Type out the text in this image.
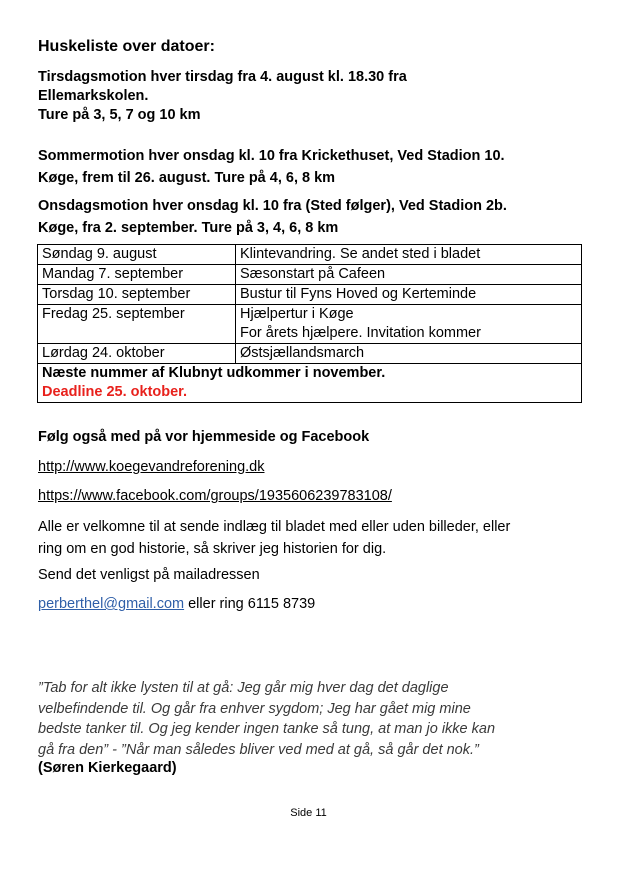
Huskeliste over datoer:
Tirsdagsmotion hver tirsdag fra 4. august kl. 18.30 fra
Ellemarkskolen.
Ture på 3, 5, 7 og 10 km
Sommermotion hver onsdag kl. 10 fra Krickethuset, Ved Stadion 10.
Køge, frem til 26. august. Ture på 4, 6, 8 km
Onsdagsmotion hver onsdag kl. 10 fra (Sted følger), Ved Stadion 2b.
Køge, fra 2. september. Ture på 3, 4, 6, 8 km
Søndag 9. august	Klintevandring. Se andet sted i bladet
Mandag 7. september	Sæsonstart på Cafeen
Torsdag 10. september	Bustur til Fyns Hoved og Kerteminde
Fredag 25. september	Hjælpertur i Køge
For årets hjælpere. Invitation kommer

Lørdag 24. oktober	Østsjællandsmarch

Næste nummer af Klubnyt udkommer i november.
Deadline 25. oktober.	
Følg også med på vor hjemmeside og Facebook
http://www.koegevandreforening.dk
https://www.facebook.com/groups/1935606239783108/
Alle er velkomne til at sende indlæg til bladet med eller uden billeder, eller
ring om en god historie, så skriver jeg historien for dig.
Send det venligst på mailadressen
perberthel@gmail.com eller ring 6115 8739
”Tab for alt ikke lysten til at gå: Jeg går mig hver dag det daglige
velbefindende til. Og går fra enhver sygdom; Jeg har gået mig mine
bedste tanker til. Og jeg kender ingen tanke så tung, at man jo ikke kan
gå fra den” - ”Når man således bliver ved med at gå, så går det nok.”
(Søren Kierkegaard)
Side 11
